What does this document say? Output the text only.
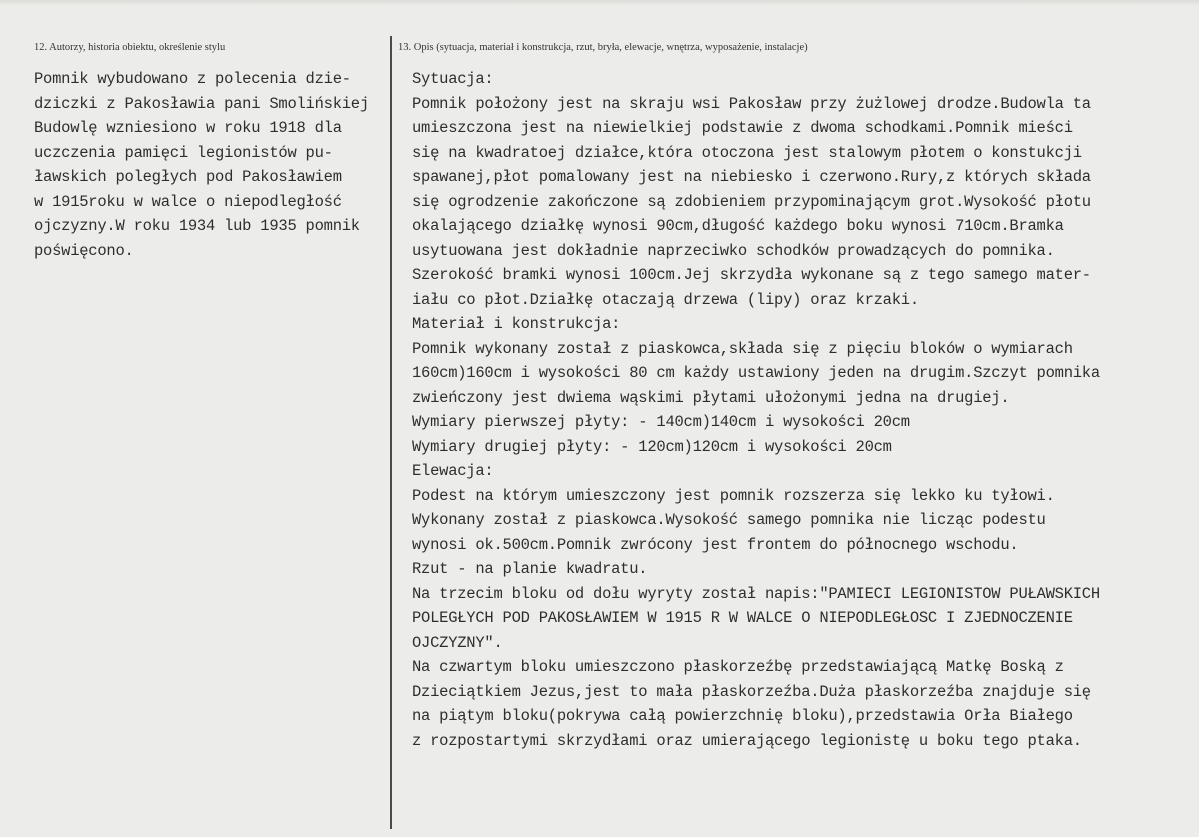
12. Autorzy, historia obiektu, określenie stylu
Pomnik wybudowano z polecenia dzie-
dziczki z Pakosławia pani Smolińskiej
Budowlę wzniesiono w roku 1918 dla
uczczenia pamięci legionistów pu-
ławskich poległych pod Pakosławiem
w 1915roku w walce o niepodległość
ojczyzny.W roku 1934 lub 1935 pomnik
poświęcono.
13. Opis (sytuacja, materiał i konstrukcja, rzut, bryła, elewacje, wnętrza, wyposażenie, instalacje)
Sytuacja:
Pomnik położony jest na skraju wsi Pakosław przy żużlowej drodze.Budowla ta
umieszczona jest na niewielkiej podstawie z dwoma schodkami.Pomnik mieści
się na kwadratoej działce,która otoczona jest stalowym płotem o konstukcji
spawanej,płot pomalowany jest na niebiesko i czerwono.Rury,z których składa
się ogrodzenie zakończone są zdobieniem przypominającym grot.Wysokość płotu
okalającego działkę wynosi 90cm,długość każdego boku wynosi 710cm.Bramka
usytuowana jest dokładnie naprzeciwko schodków prowadzących do pomnika.
Szerokość bramki wynosi 100cm.Jej skrzydła wykonane są z tego samego mater-
iału co płot.Działkę otaczają drzewa (lipy) oraz krzaki.
Materiał i konstrukcja:
Pomnik wykonany został z piaskowca,składa się z pięciu bloków o wymiarach
160cm)160cm i wysokości 80 cm każdy ustawiony jeden na drugim.Szczyt pomnika
zwieńczony jest dwiema wąskimi płytami ułożonymi jedna na drugiej.
Wymiary pierwszej płyty: - 140cm)140cm i wysokości 20cm
Wymiary drugiej płyty: - 120cm)120cm i wysokości 20cm
Elewacja:
Podest na którym umieszczony jest pomnik rozszerza się lekko ku tyłowi.
Wykonany został z piaskowca.Wysokość samego pomnika nie licząc podestu
wynosi ok.500cm.Pomnik zwrócony jest frontem do północnego wschodu.
Rzut - na planie kwadratu.
Na trzecim bloku od dołu wyryty został napis:"PAMIECI LEGIONISTOW PUŁAWSKICH
POLEGŁYCH POD PAKOSŁAWIEM W 1915 R W WALCE O NIEPODLEGŁOSC I ZJEDNOCZENIE
OJCZYZNY".
Na czwartym bloku umieszczono płaskorzeźbę przedstawiającą Matkę Boską z
Dzieciątkiem Jezus,jest to mała płaskorzeźba.Duża płaskorzeźba znajduje się
na piątym bloku(pokrywa całą powierzchnię bloku),przedstawia Orła Białego
z rozpostartymi skrzydłami oraz umierającego legionistę u boku tego ptaka.
